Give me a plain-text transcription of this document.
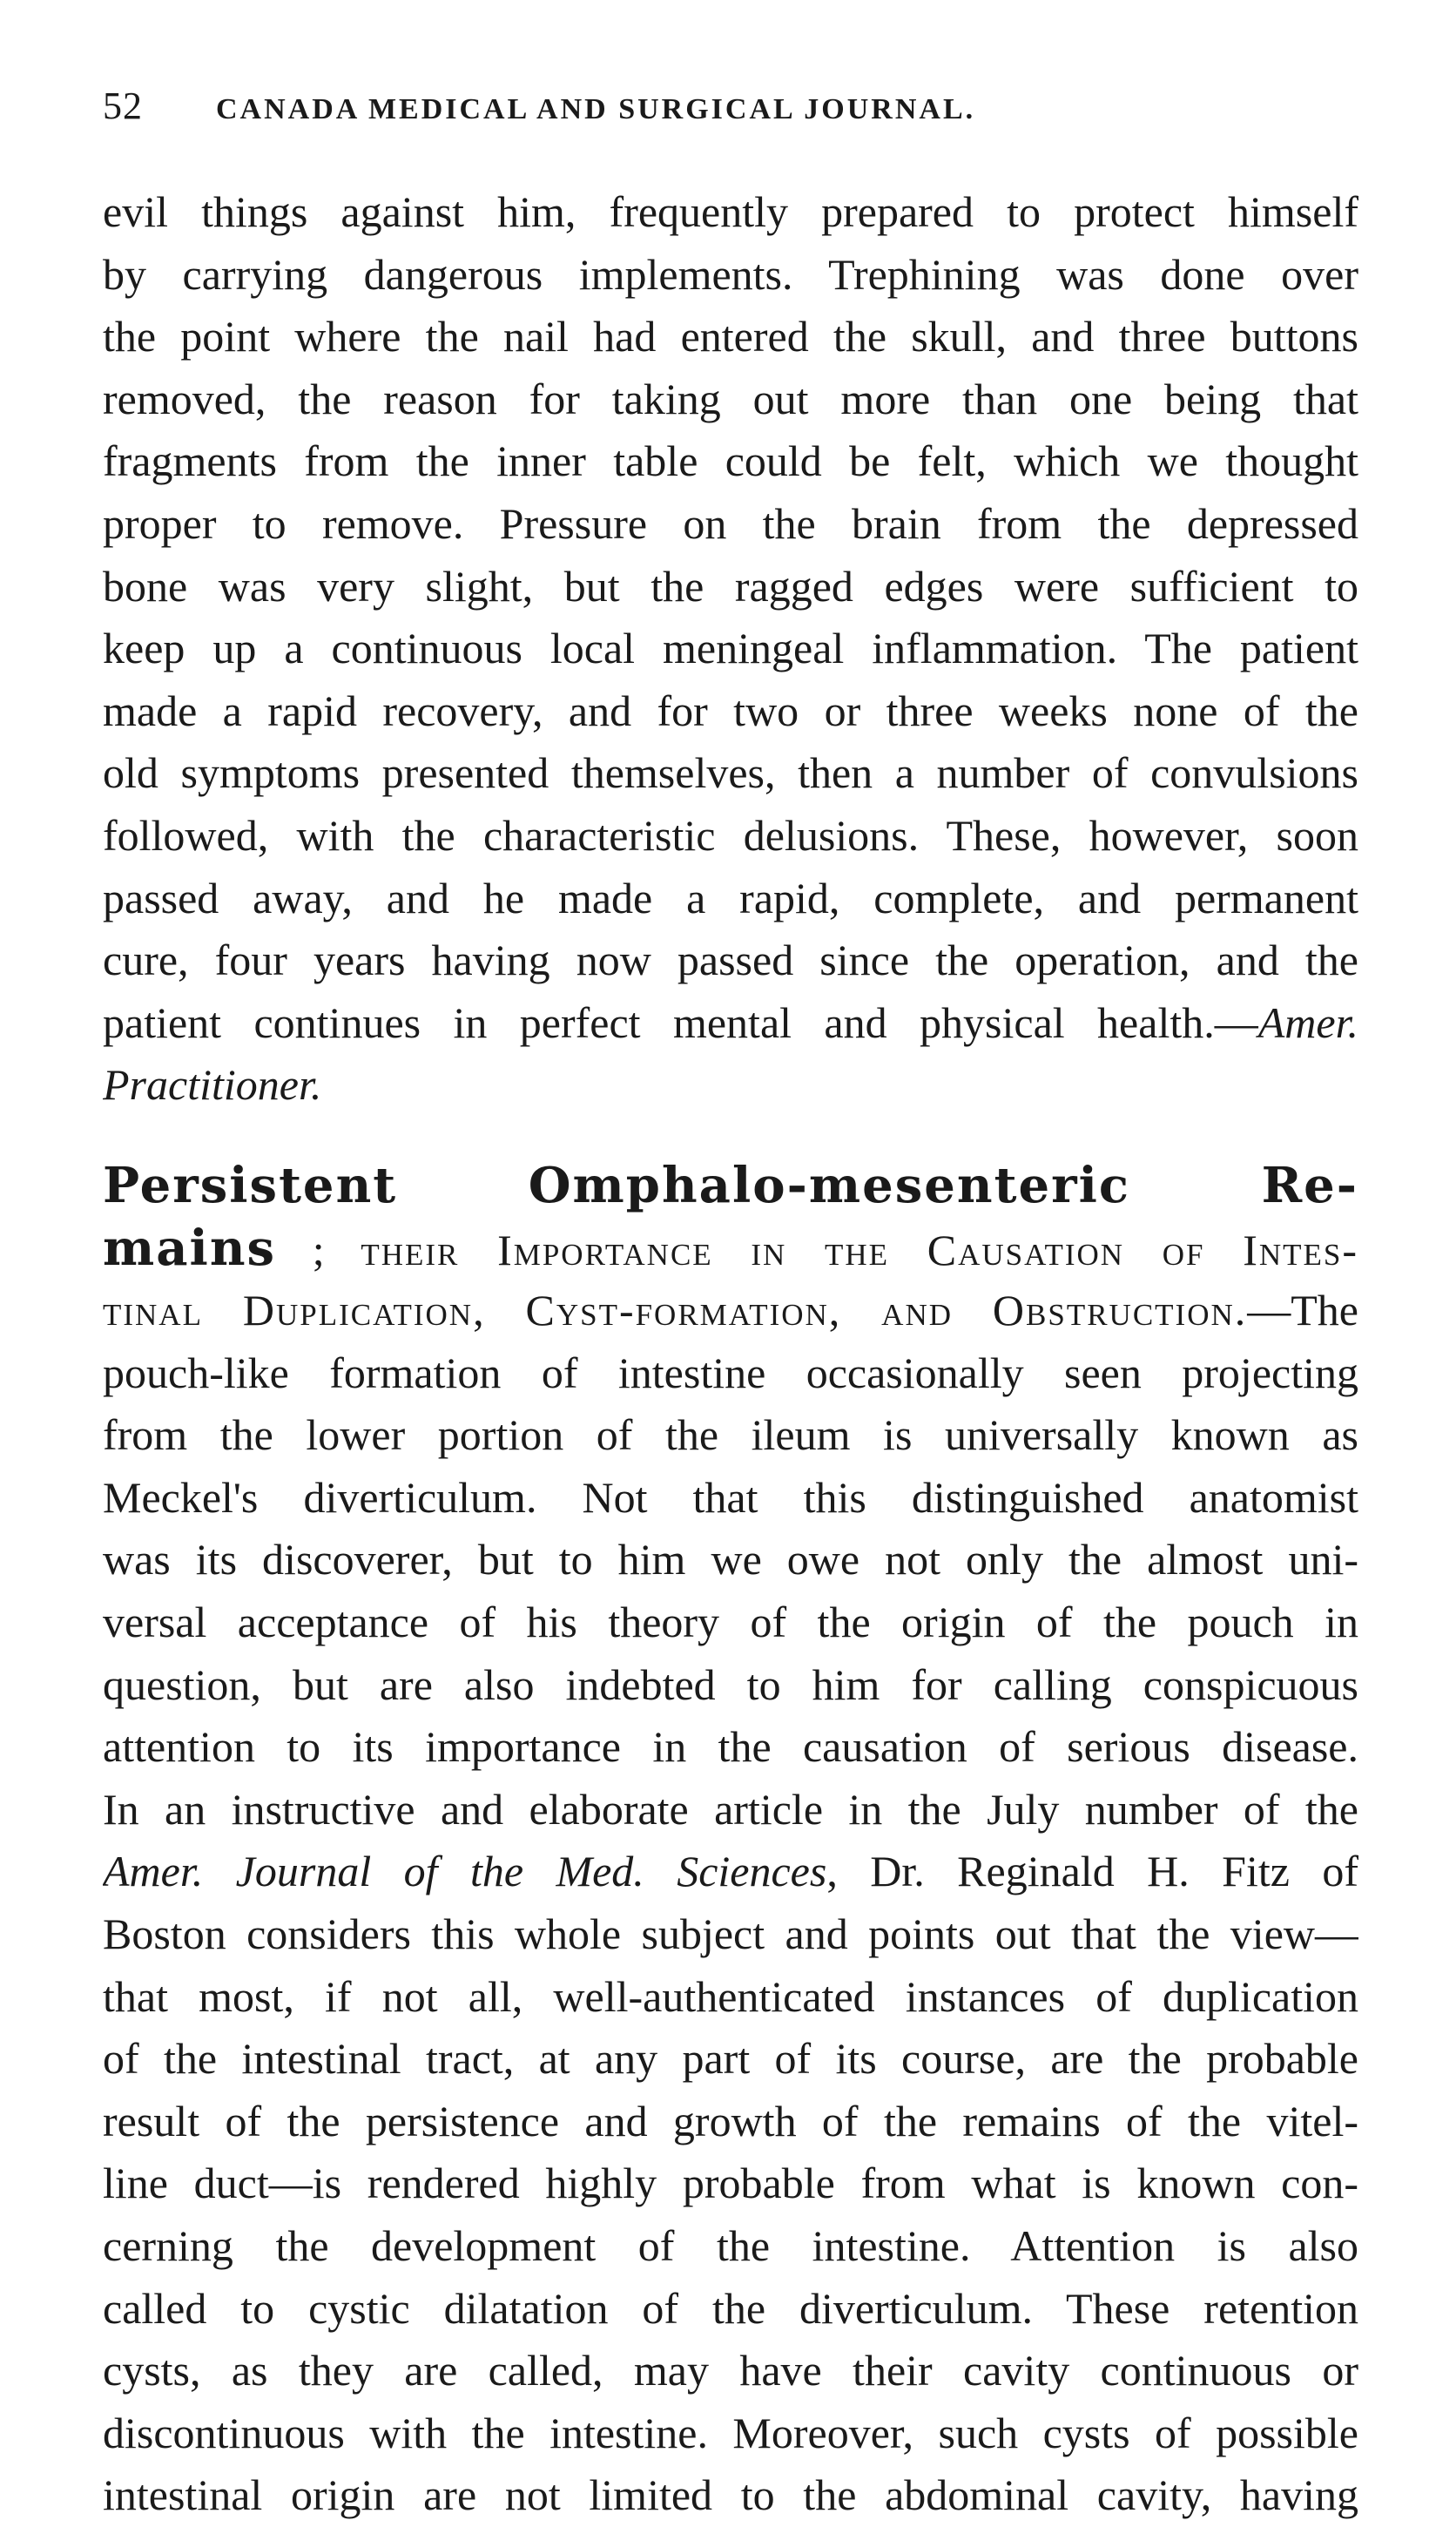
52	CANADA MEDICAL AND SURGICAL JOURNAL.
evil things against him, frequently prepared to protect himself
by carrying dangerous implements. Trephining was done over
the point where the nail had entered the skull, and three buttons
removed, the reason for taking out more than one being that
fragments from the inner table could be felt, which we thought
proper to remove. Pressure on the brain from the depressed
bone was very slight, but the ragged edges were sufficient to
keep up a continuous local meningeal inflammation. The patient
made a rapid recovery, and for two or three weeks none of the
old symptoms presented themselves, then a number of convulsions
followed, with the characteristic delusions. These, however, soon
passed away, and he made a rapid, complete, and permanent
cure, four years having now passed since the operation, and the
patient continues in perfect mental and physical health.—Amer.
Practitioner.
Persistent Omphalo-mesenteric Re-
mains ; their Importance in the Causation of Intes-
tinal Duplication, Cyst-formation, and Obstruction.—The
pouch-like formation of intestine occasionally seen projecting
from the lower portion of the ileum is universally known as
Meckel's diverticulum. Not that this distinguished anatomist
was its discoverer, but to him we owe not only the almost uni-
versal acceptance of his theory of the origin of the pouch in
question, but are also indebted to him for calling conspicuous
attention to its importance in the causation of serious disease.
In an instructive and elaborate article in the July number of the
Amer. Journal of the Med. Sciences, Dr. Reginald H. Fitz of
Boston considers this whole subject and points out that the view—
that most, if not all, well-authenticated instances of duplication
of the intestinal tract, at any part of its course, are the probable
result of the persistence and growth of the remains of the vitel-
line duct—is rendered highly probable from what is known con-
cerning the development of the intestine. Attention is also
called to cystic dilatation of the diverticulum. These retention
cysts, as they are called, may have their cavity continuous or
discontinuous with the intestine. Moreover, such cysts of possible
intestinal origin are not limited to the abdominal cavity, having
